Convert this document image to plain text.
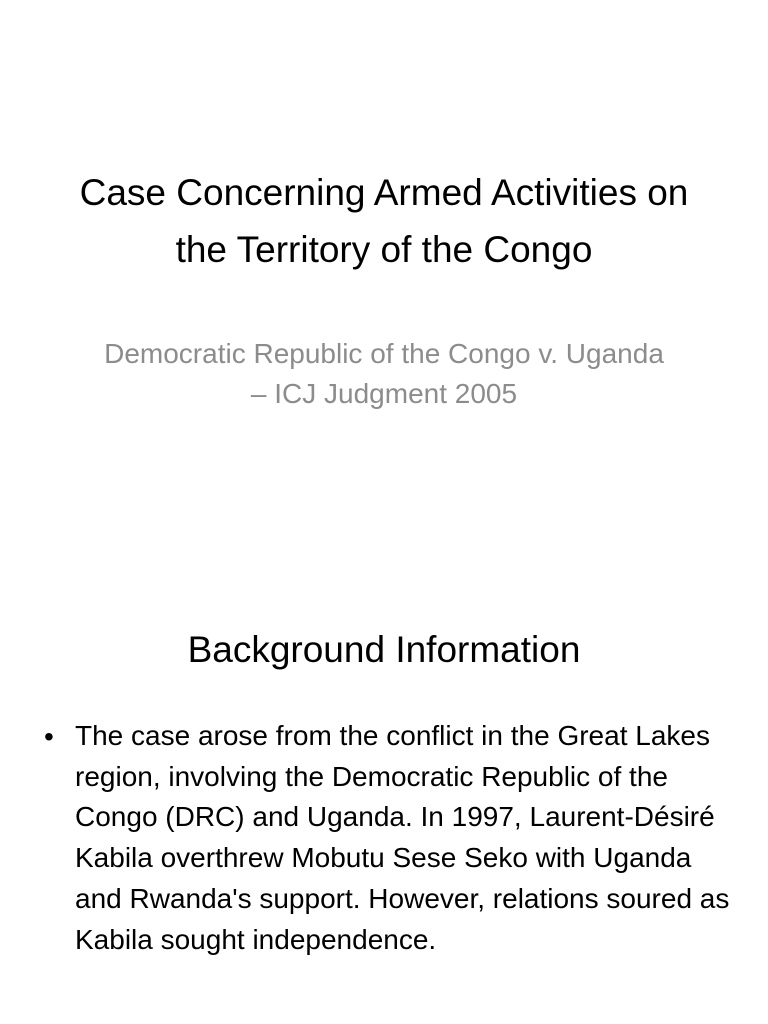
Case Concerning Armed Activities on the Territory of the Congo
Democratic Republic of the Congo v. Uganda – ICJ Judgment 2005
Background Information
• The case arose from the conflict in the Great Lakes region, involving the Democratic Republic of the Congo (DRC) and Uganda. In 1997, Laurent-Désiré Kabila overthrew Mobutu Sese Seko with Uganda and Rwanda's support. However, relations soured as Kabila sought independence.
